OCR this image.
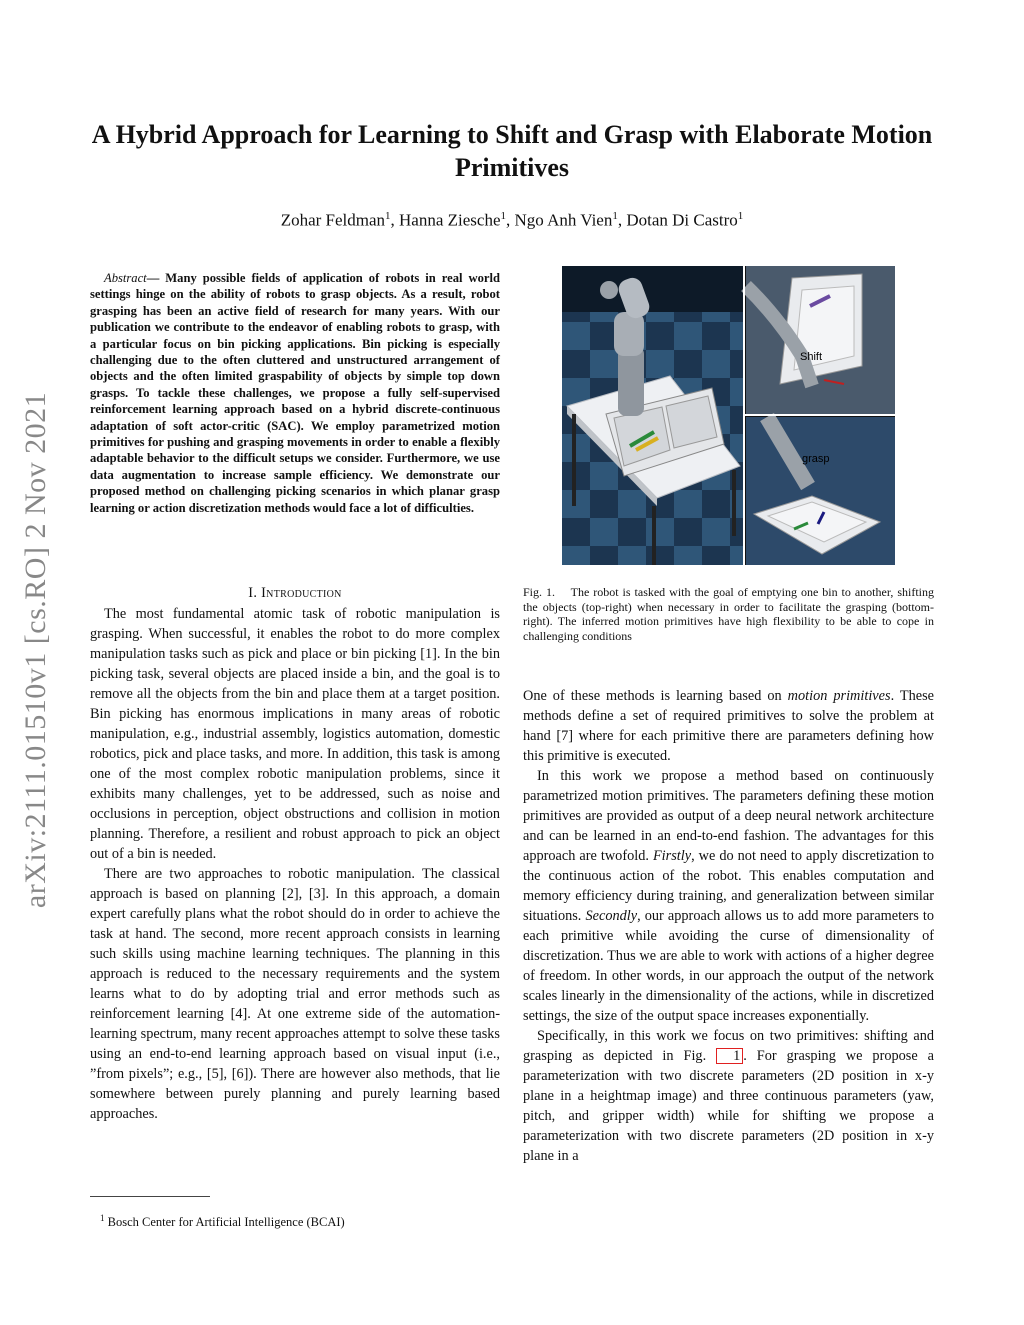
arXiv:2111.01510v1 [cs.RO] 2 Nov 2021
A Hybrid Approach for Learning to Shift and Grasp with Elaborate Motion Primitives
Zohar Feldman$^1$, Hanna Ziesche$^1$, Ngo Anh Vien$^1$, Dotan Di Castro$^1$
Abstract— Many possible fields of application of robots in real world settings hinge on the ability of robots to grasp objects. As a result, robot grasping has been an active field of research for many years. With our publication we contribute to the endeavor of enabling robots to grasp, with a particular focus on bin picking applications. Bin picking is especially challenging due to the often cluttered and unstructured arrangement of objects and the often limited graspability of objects by simple top down grasps. To tackle these challenges, we propose a fully self-supervised reinforcement learning approach based on a hybrid discrete-continuous adaptation of soft actor-critic (SAC). We employ parametrized motion primitives for pushing and grasping movements in order to enable a flexibly adaptable behavior to the difficult setups we consider. Furthermore, we use data augmentation to increase sample efficiency. We demonstrate our proposed method on challenging picking scenarios in which planar grasp learning or action discretization methods would face a lot of difficulties.
I. Introduction

The most fundamental atomic task of robotic manipulation is grasping. When successful, it enables the robot to do more complex manipulation tasks such as pick and place or bin picking [1]. In the bin picking task, several objects are placed inside a bin, and the goal is to remove all the objects from the bin and place them at a target position. Bin picking has enormous implications in many areas of robotic manipulation, e.g., industrial assembly, logistics automation, domestic robotics, pick and place tasks, and more. In addition, this task is among one of the most complex robotic manipulation problems, since it exhibits many challenges, yet to be addressed, such as noise and occlusions in perception, object obstructions and collision in motion planning. Therefore, a resilient and robust approach to pick an object out of a bin is needed.

There are two approaches to robotic manipulation. The classical approach is based on planning [2], [3]. In this approach, a domain expert carefully plans what the robot should do in order to achieve the task at hand. The second, more recent approach consists in learning such skills using machine learning techniques. The planning in this approach is reduced to the necessary requirements and the system learns what to do by adopting trial and error methods such as reinforcement learning [4]. At one extreme side of the automation-learning spectrum, many recent approaches attempt to solve these tasks using an end-to-end learning approach based on visual input (i.e., ”from pixels”; e.g., [5], [6]). There are however also methods, that lie somewhere between purely planning and purely learning based approaches.

$^1$ Bosch Center for Artificial Intelligence (BCAI)
Shift
grasp
Fig. 1. The robot is tasked with the goal of emptying one bin to another, shifting the objects (top-right) when necessary in order to facilitate the grasping (bottom-right). The inferred motion primitives have high flexibility to be able to cope in challenging conditions

One of these methods is learning based on motion primitives. These methods define a set of required primitives to solve the problem at hand [7] where for each primitive there are parameters defining how this primitive is executed.

In this work we propose a method based on continuously parametrized motion primitives. The parameters defining these motion primitives are provided as output of a deep neural network architecture and can be learned in an end-to-end fashion. The advantages for this approach are twofold. Firstly, we do not need to apply discretization to the continuous action of the robot. This enables computation and memory efficiency during training, and generalization between similar situations. Secondly, our approach allows us to add more parameters to each primitive while avoiding the curse of dimensionality of discretization. Thus we are able to work with actions of a higher degree of freedom. In other words, in our approach the output of the network scales linearly in the dimensionality of the actions, while in discretized settings, the size of the output space increases exponentially.

Specifically, in this work we focus on two primitives: shifting and grasping as depicted in Fig. 1 . For grasping we propose a parameterization with two discrete parameters (2D position in x-y plane in a heightmap image) and three continuous parameters (yaw, pitch, and gripper width) while for shifting we propose a parameterization with two discrete parameters (2D position in x-y plane in a
